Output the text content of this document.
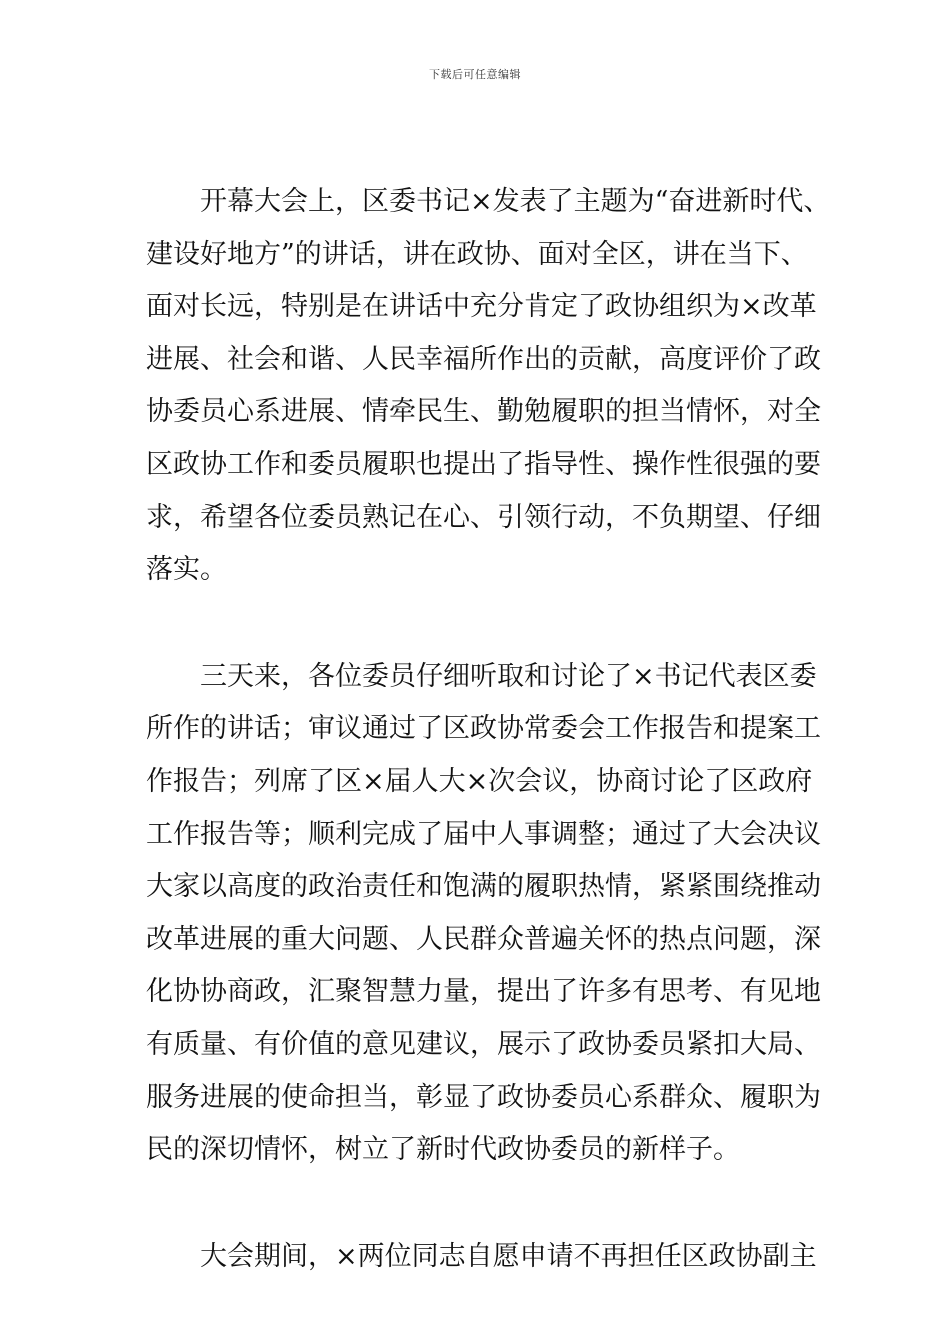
下载后可任意编辑
开幕大会上，区委书记×发表了主题为“奋进新时代、
建设好地方”的讲话，讲在政协、面对全区，讲在当下、
面对长远，特别是在讲话中充分肯定了政协组织为×改革
进展、社会和谐、人民幸福所作出的贡献，高度评价了政
协委员心系进展、情牵民生、勤勉履职的担当情怀，对全
区政协工作和委员履职也提出了指导性、操作性很强的要
求，希望各位委员熟记在心、引领行动，不负期望、仔细
落实。
三天来，各位委员仔细听取和讨论了×书记代表区委
所作的讲话；审议通过了区政协常委会工作报告和提案工
作报告；列席了区×届人大×次会议，协商讨论了区政府
工作报告等；顺利完成了届中人事调整；通过了大会决议
大家以高度的政治责任和饱满的履职热情，紧紧围绕推动
改革进展的重大问题、人民群众普遍关怀的热点问题，深
化协协商政，汇聚智慧力量，提出了许多有思考、有见地
有质量、有价值的意见建议，展示了政协委员紧扣大局、
服务进展的使命担当，彰显了政协委员心系群众、履职为
民的深切情怀，树立了新时代政协委员的新样子。
大会期间，×两位同志自愿申请不再担任区政协副主
